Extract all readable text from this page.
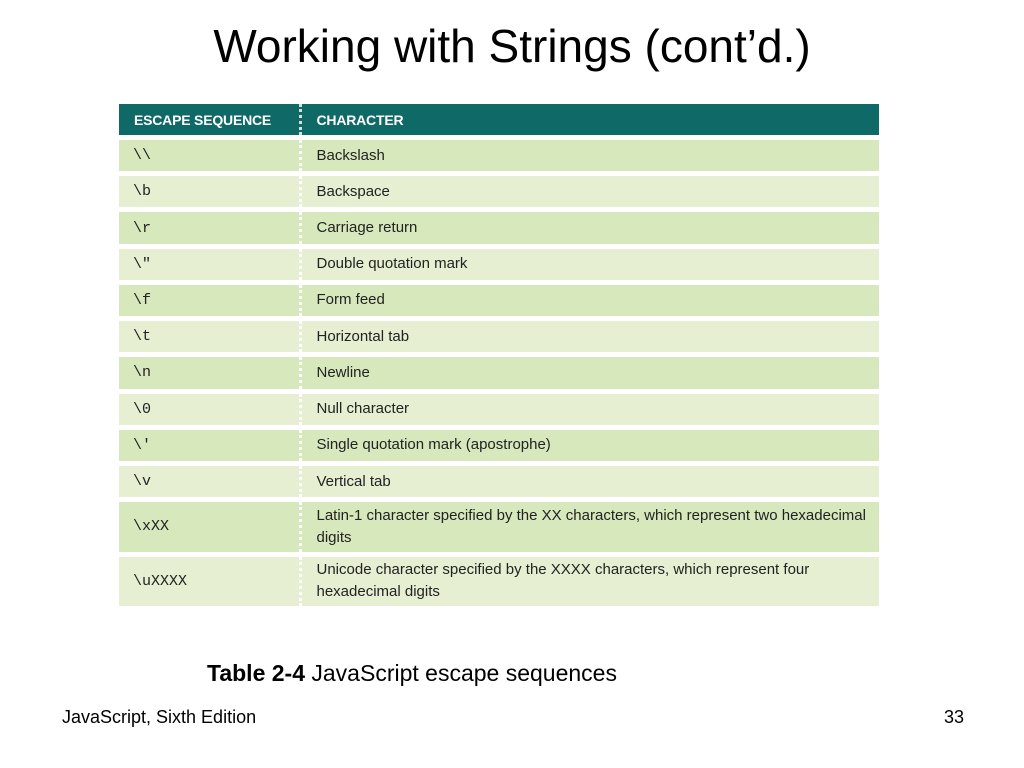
Working with Strings (cont’d.)
ESCAPE SEQUENCE	CHARACTER
\\	Backslash
\b	Backspace
\r	Carriage return
\"	Double quotation mark
\f	Form feed
\t	Horizontal tab
\n	Newline
\0	Null character
\'	Single quotation mark (apostrophe)
\v	Vertical tab
\xXX	Latin-1 character specified by the XX characters, which represent two hexadecimal digits
\uXXXX	Unicode character specified by the XXXX characters, which represent four hexadecimal digits
Table 2-4 JavaScript escape sequences
JavaScript, Sixth Edition	33
